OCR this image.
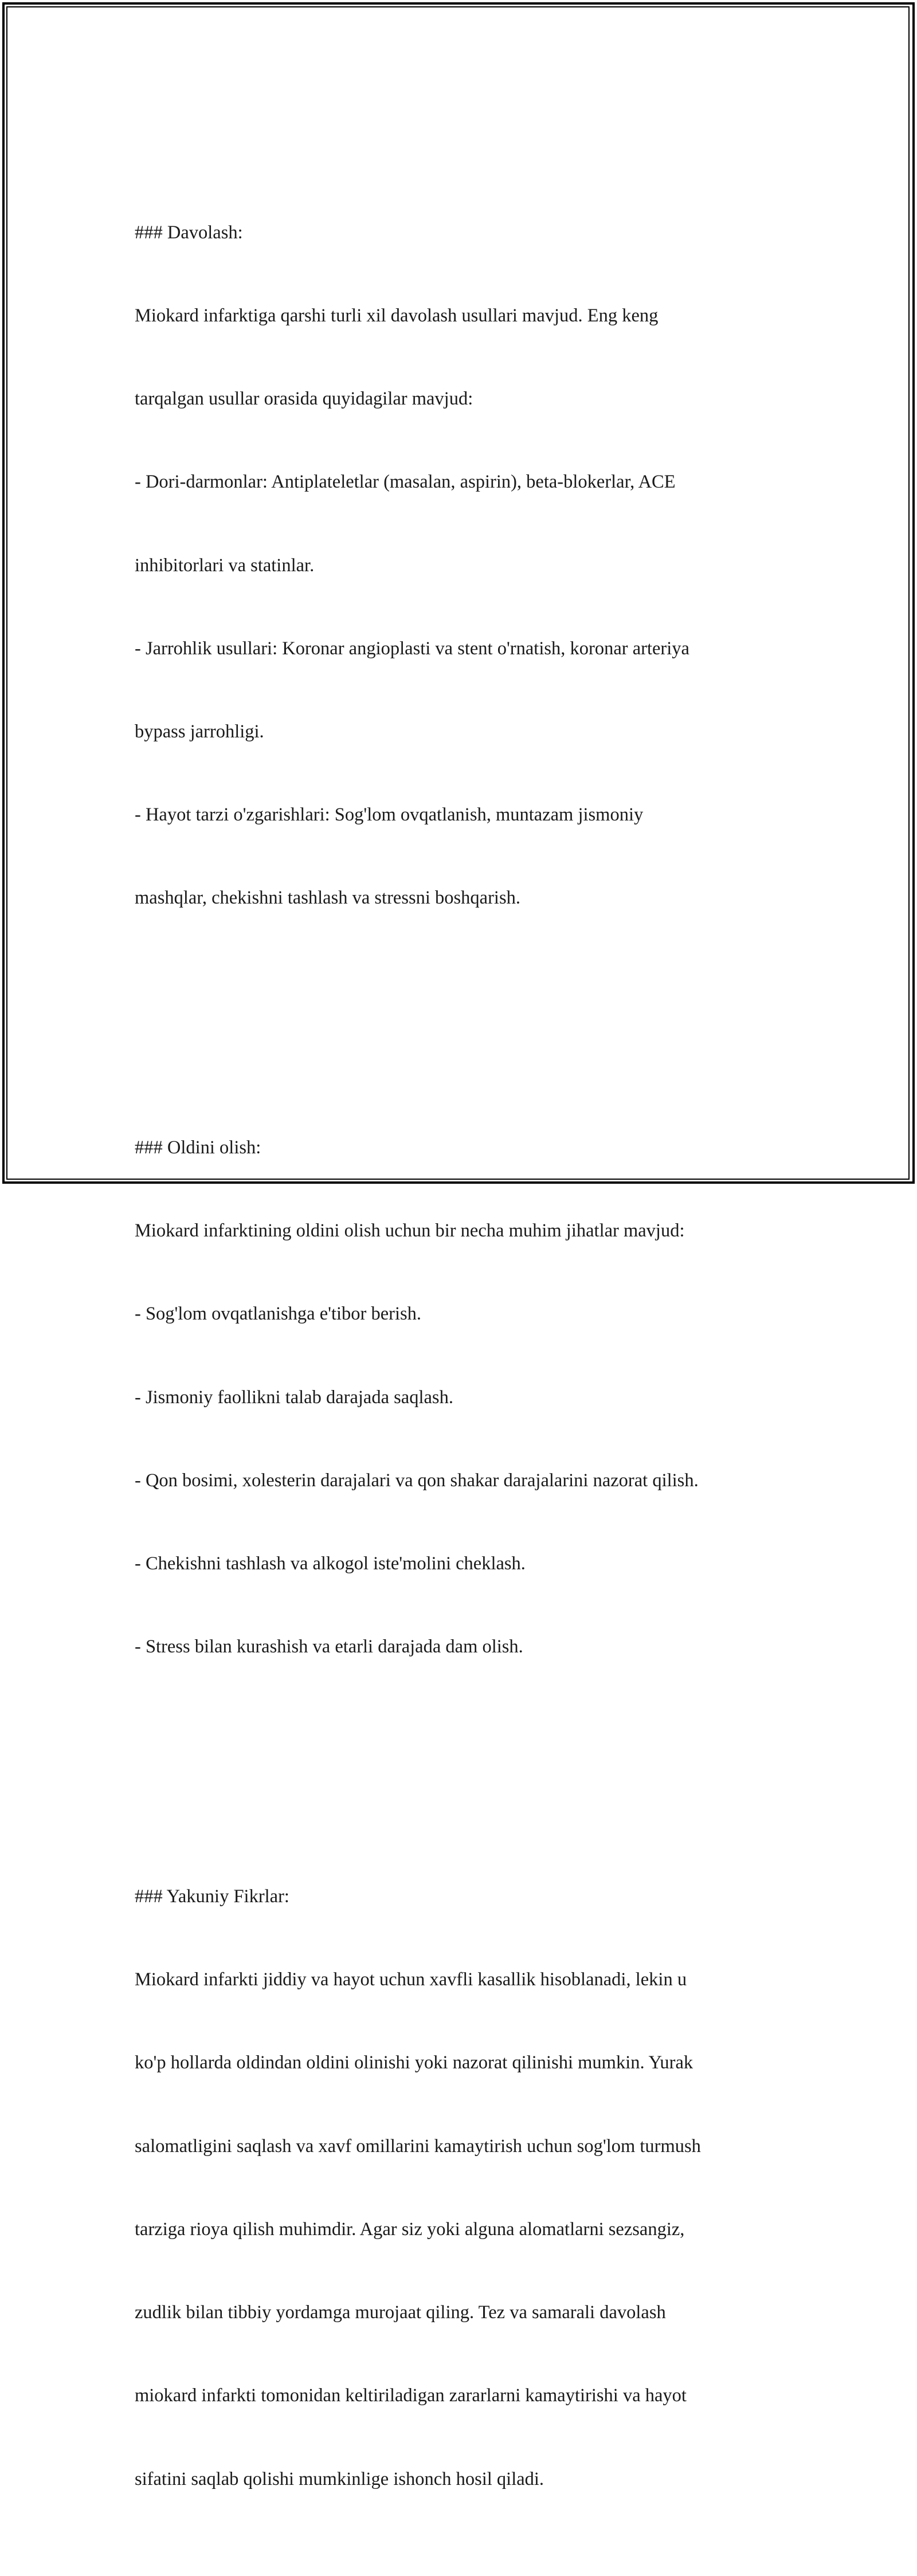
### Davolash:

Miokard infarktiga qarshi turli xil davolash usullari mavjud. Eng keng

tarqalgan usullar orasida quyidagilar mavjud:

- Dori-darmonlar: Antiplateletlar (masalan, aspirin), beta-blokerlar, ACE

inhibitorlari va statinlar.

- Jarrohlik usullari: Koronar angioplasti va stent o'rnatish, koronar arteriya

bypass jarrohligi.

- Hayot tarzi o'zgarishlari: Sog'lom ovqatlanish, muntazam jismoniy

mashqlar, chekishni tashlash va stressni boshqarish.

### Oldini olish:

Miokard infarktining oldini olish uchun bir necha muhim jihatlar mavjud:

- Sog'lom ovqatlanishga e'tibor berish.

- Jismoniy faollikni talab darajada saqlash.

- Qon bosimi, xolesterin darajalari va qon shakar darajalarini nazorat qilish.

- Chekishni tashlash va alkogol iste'molini cheklash.

- Stress bilan kurashish va etarli darajada dam olish.

### Yakuniy Fikrlar:

Miokard infarkti jiddiy va hayot uchun xavfli kasallik hisoblanadi, lekin u

ko'p hollarda oldindan oldini olinishi yoki nazorat qilinishi mumkin. Yurak

salomatligini saqlash va xavf omillarini kamaytirish uchun sog'lom turmush

tarziga rioya qilish muhimdir. Agar siz yoki alguna alomatlarni sezsangiz,

zudlik bilan tibbiy yordamga murojaat qiling. Tez va samarali davolash

miokard infarkti tomonidan keltiriladigan zararlarni kamaytirishi va hayot

sifatini saqlab qolishi mumkinlige ishonch hosil qiladi.
